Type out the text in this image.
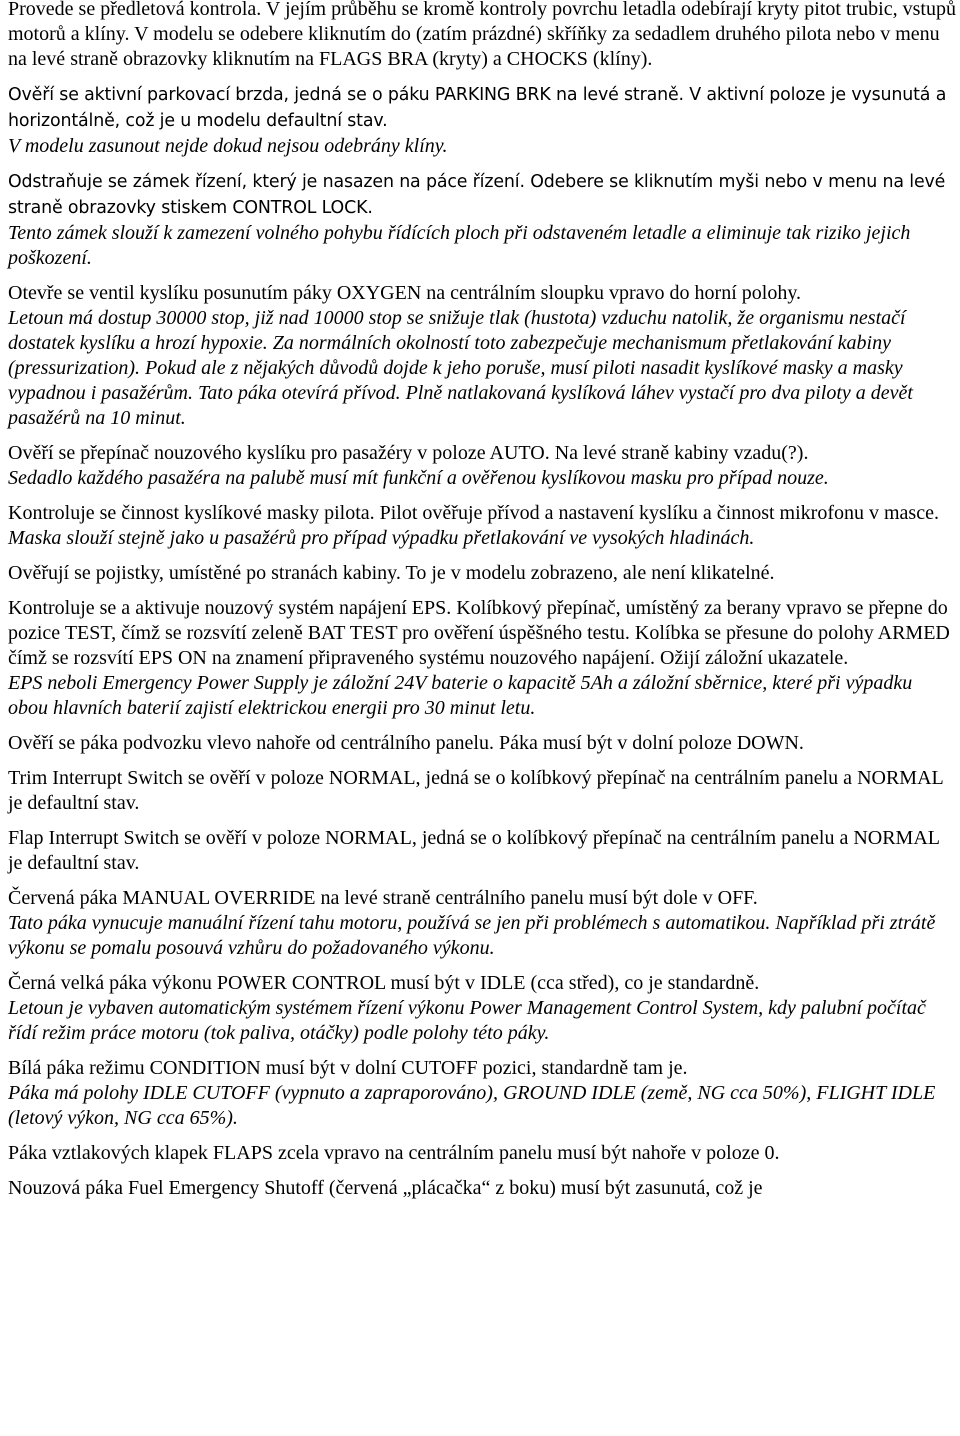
Provede se předletová kontrola. V jejím průběhu se kromě kontroly povrchu letadla odebírají kryty pitot trubic, vstupů motorů a klíny. V modelu se odebere kliknutím do (zatím prázdné) skříňky za sedadlem druhého pilota nebo v menu na levé straně obrazovky kliknutím na FLAGS BRA (kryty) a CHOCKS (klíny).

Ověří se aktivní parkovací brzda, jedná se o páku PARKING BRK na levé straně. V aktivní poloze je vysunutá a horizontálně, což je u modelu defaultní stav.
V modelu zasunout nejde dokud nejsou odebrány klíny.

Odstraňuje se zámek řízení, který je nasazen na páce řízení. Odebere se kliknutím myši nebo v menu na levé straně obrazovky stiskem CONTROL LOCK.
Tento zámek slouží k zamezení volného pohybu řídících ploch při odstaveném letadle a eliminuje tak riziko jejich poškození.

Otevře se ventil kyslíku posunutím páky OXYGEN na centrálním sloupku vpravo do horní polohy.
Letoun má dostup 30000 stop, již nad 10000 stop se snižuje tlak (hustota) vzduchu natolik, že organismu nestačí dostatek kyslíku a hrozí hypoxie. Za normálních okolností toto zabezpečuje mechanismum přetlakování kabiny (pressurization). Pokud ale z nějakých důvodů dojde k jeho poruše, musí piloti nasadit kyslíkové masky a masky vypadnou i pasažérům. Tato páka otevírá přívod. Plně natlakovaná kyslíková láhev vystačí pro dva piloty a devět pasažérů na 10 minut.

Ověří se přepínač nouzového kyslíku pro pasažéry v poloze AUTO. Na levé straně kabiny vzadu(?).
Sedadlo každého pasažéra na palubě musí mít funkční a ověřenou kyslíkovou masku pro případ nouze.

Kontroluje se činnost kyslíkové masky pilota. Pilot ověřuje přívod a nastavení kyslíku a činnost mikrofonu v masce.
Maska slouží stejně jako u pasažérů pro případ výpadku přetlakování ve vysokých hladinách.

Ověřují se pojistky, umístěné po stranách kabiny. To je v modelu zobrazeno, ale není klikatelné.

Kontroluje se a aktivuje nouzový systém napájení EPS. Kolíbkový přepínač, umístěný za berany vpravo se přepne do pozice TEST, čímž se rozsvítí zeleně BAT TEST pro ověření úspěšného testu. Kolíbka se přesune do polohy ARMED čímž se rozsvítí EPS ON na znamení připraveného systému nouzového napájení. Ožijí záložní ukazatele.
EPS neboli Emergency Power Supply je záložní 24V baterie o kapacitě 5Ah a záložní sběrnice, které při výpadku obou hlavních baterií zajistí elektrickou energii pro 30 minut letu.

Ověří se páka podvozku vlevo nahoře od centrálního panelu. Páka musí být v dolní poloze DOWN.

Trim Interrupt Switch se ověří v poloze NORMAL, jedná se o kolíbkový přepínač na centrálním panelu a NORMAL je defaultní stav.

Flap Interrupt Switch se ověří v poloze NORMAL, jedná se o kolíbkový přepínač na centrálním panelu a NORMAL je defaultní stav.

Červená páka MANUAL OVERRIDE na levé straně centrálního panelu musí být dole v OFF.
Tato páka vynucuje manuální řízení tahu motoru, používá se jen při problémech s automatikou. Například při ztrátě výkonu se pomalu posouvá vzhůru do požadovaného výkonu.

Černá velká páka výkonu POWER CONTROL musí být v IDLE (cca střed), co je standardně.
Letoun je vybaven automatickým systémem řízení výkonu Power Management Control System, kdy palubní počítač řídí režim práce motoru (tok paliva, otáčky) podle polohy této páky.

Bílá páka režimu CONDITION musí být v dolní CUTOFF pozici, standardně tam je.
Páka má polohy IDLE CUTOFF (vypnuto a zapraporováno), GROUND IDLE (země, NG cca 50%), FLIGHT IDLE (letový výkon, NG cca 65%).

Páka vztlakových klapek FLAPS zcela vpravo na centrálním panelu musí být nahoře v poloze 0.

Nouzová páka Fuel Emergency Shutoff (červená „plácačka“ z boku) musí být zasunutá, což je
